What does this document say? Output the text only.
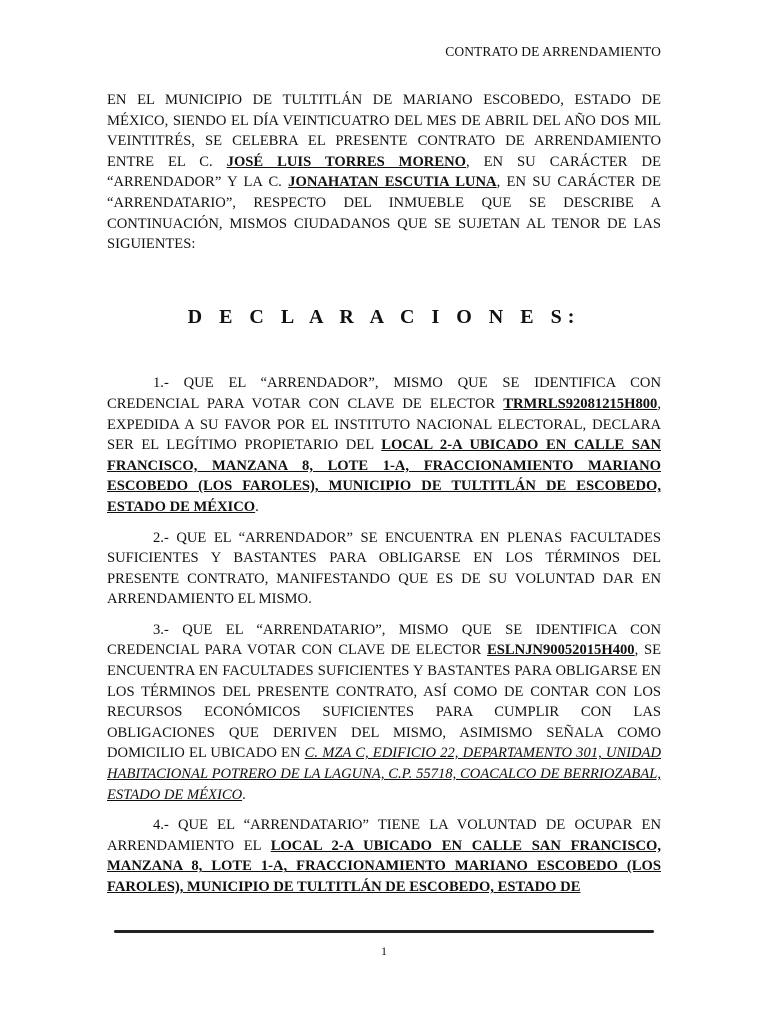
CONTRATO DE ARRENDAMIENTO

EN EL MUNICIPIO DE TULTITLÁN DE MARIANO ESCOBEDO, ESTADO DE MÉXICO, SIENDO EL DÍA VEINTICUATRO DEL MES DE ABRIL DEL AÑO DOS MIL VEINTITRÉS, SE CELEBRA EL PRESENTE CONTRATO DE ARRENDAMIENTO ENTRE EL C. JOSÉ LUIS TORRES MORENO, EN SU CARÁCTER DE “ARRENDADOR” Y LA C. JONAHATAN ESCUTIA LUNA, EN SU CARÁCTER DE “ARRENDATARIO”, RESPECTO DEL INMUEBLE QUE SE DESCRIBE A CONTINUACIÓN, MISMOS CIUDADANOS QUE SE SUJETAN AL TENOR DE LAS SIGUIENTES:

D E C L A R A C I O N E S:

1.- QUE EL “ARRENDADOR”, MISMO QUE SE IDENTIFICA CON CREDENCIAL PARA VOTAR CON CLAVE DE ELECTOR TRMRLS92081215H800, EXPEDIDA A SU FAVOR POR EL INSTITUTO NACIONAL ELECTORAL, DECLARA SER EL LEGÍTIMO PROPIETARIO DEL LOCAL 2-A UBICADO EN CALLE SAN FRANCISCO, MANZANA 8, LOTE 1-A, FRACCIONAMIENTO MARIANO ESCOBEDO (LOS FAROLES), MUNICIPIO DE TULTITLÁN DE ESCOBEDO, ESTADO DE MÉXICO.

2.- QUE EL “ARRENDADOR” SE ENCUENTRA EN PLENAS FACULTADES SUFICIENTES Y BASTANTES PARA OBLIGARSE EN LOS TÉRMINOS DEL PRESENTE CONTRATO, MANIFESTANDO QUE ES DE SU VOLUNTAD DAR EN ARRENDAMIENTO EL MISMO.

3.- QUE EL “ARRENDATARIO”, MISMO QUE SE IDENTIFICA CON CREDENCIAL PARA VOTAR CON CLAVE DE ELECTOR ESLNJN90052015H400, SE ENCUENTRA EN FACULTADES SUFICIENTES Y BASTANTES PARA OBLIGARSE EN LOS TÉRMINOS DEL PRESENTE CONTRATO, ASÍ COMO DE CONTAR CON LOS RECURSOS ECONÓMICOS SUFICIENTES PARA CUMPLIR CON LAS OBLIGACIONES QUE DERIVEN DEL MISMO, ASIMISMO SEÑALA COMO DOMICILIO EL UBICADO EN C. MZA C, EDIFICIO 22, DEPARTAMENTO 301, UNIDAD HABITACIONAL POTRERO DE LA LAGUNA, C.P. 55718, COACALCO DE BERRIOZABAL, ESTADO DE MÉXICO.

4.- QUE EL “ARRENDATARIO” TIENE LA VOLUNTAD DE OCUPAR EN ARRENDAMIENTO EL LOCAL 2-A UBICADO EN CALLE SAN FRANCISCO, MANZANA 8, LOTE 1-A, FRACCIONAMIENTO MARIANO ESCOBEDO (LOS FAROLES), MUNICIPIO DE TULTITLÁN DE ESCOBEDO, ESTADO DE

1
